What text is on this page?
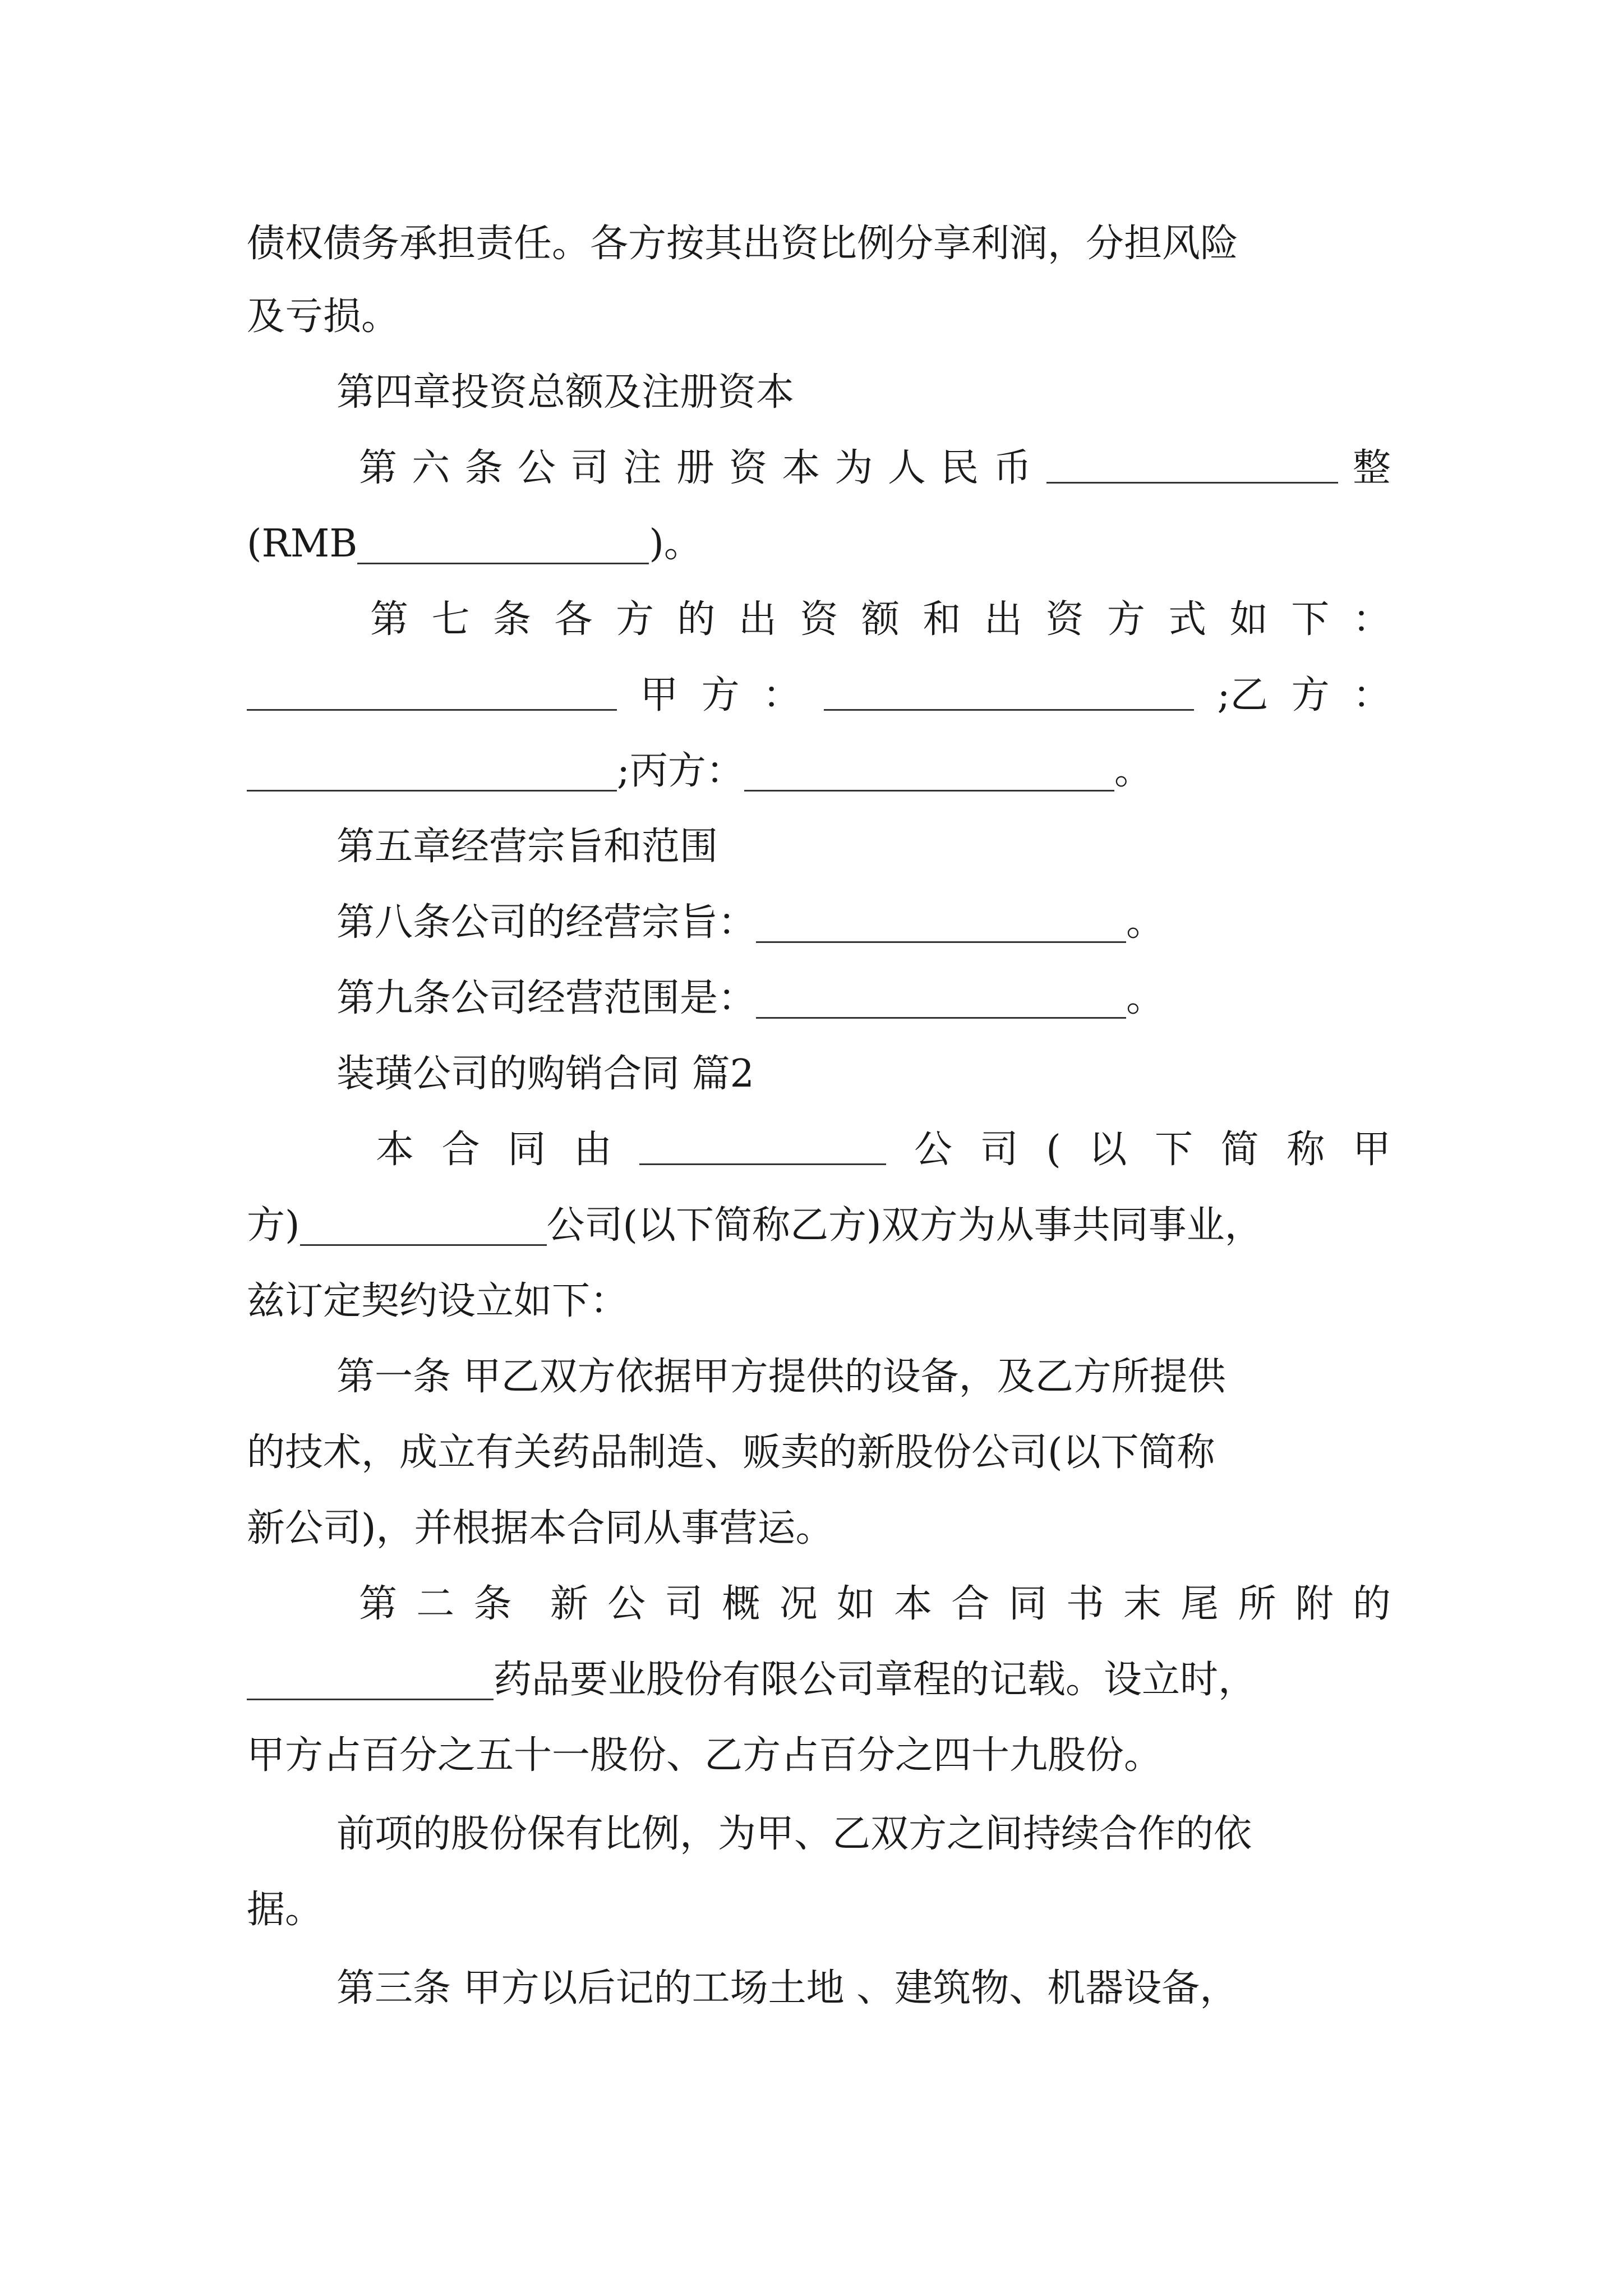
债权债务承担责任。各方按其出资比例分享利润，分担风险
及亏损。
第四章投资总额及注册资本
第 六 条 公 司 注 册 资 本 为 人 民 币	整
(RMB	)。
第 七 条 各 方 的 出 资 额 和 出 资 方 式 如 下 ：
甲 方 ：	;乙 方 ：
;丙方：	。
第五章经营宗旨和范围
第八条公司的经营宗旨：	。
第九条公司经营范围是：	。
装璜公司的购销合同 篇2
本 合 同 由	公 司 ( 以 下 简 称 甲
方)	公司(以下简称乙方)双方为从事共同事业，
兹订定契约设立如下：
第一条 甲乙双方依据甲方提供的设备，及乙方所提供
的技术，成立有关药品制造、贩卖的新股份公司(以下简称
新公司)，并根据本合同从事营运。
第 二 条 新 公 司 概 况 如 本 合 同 书 末 尾 所 附 的
药品要业股份有限公司章程的记载。设立时，
甲方占百分之五十一股份、乙方占百分之四十九股份。
前项的股份保有比例，为甲、乙双方之间持续合作的依
据。
第三条 甲方以后记的工场土地 、建筑物、机器设备，
